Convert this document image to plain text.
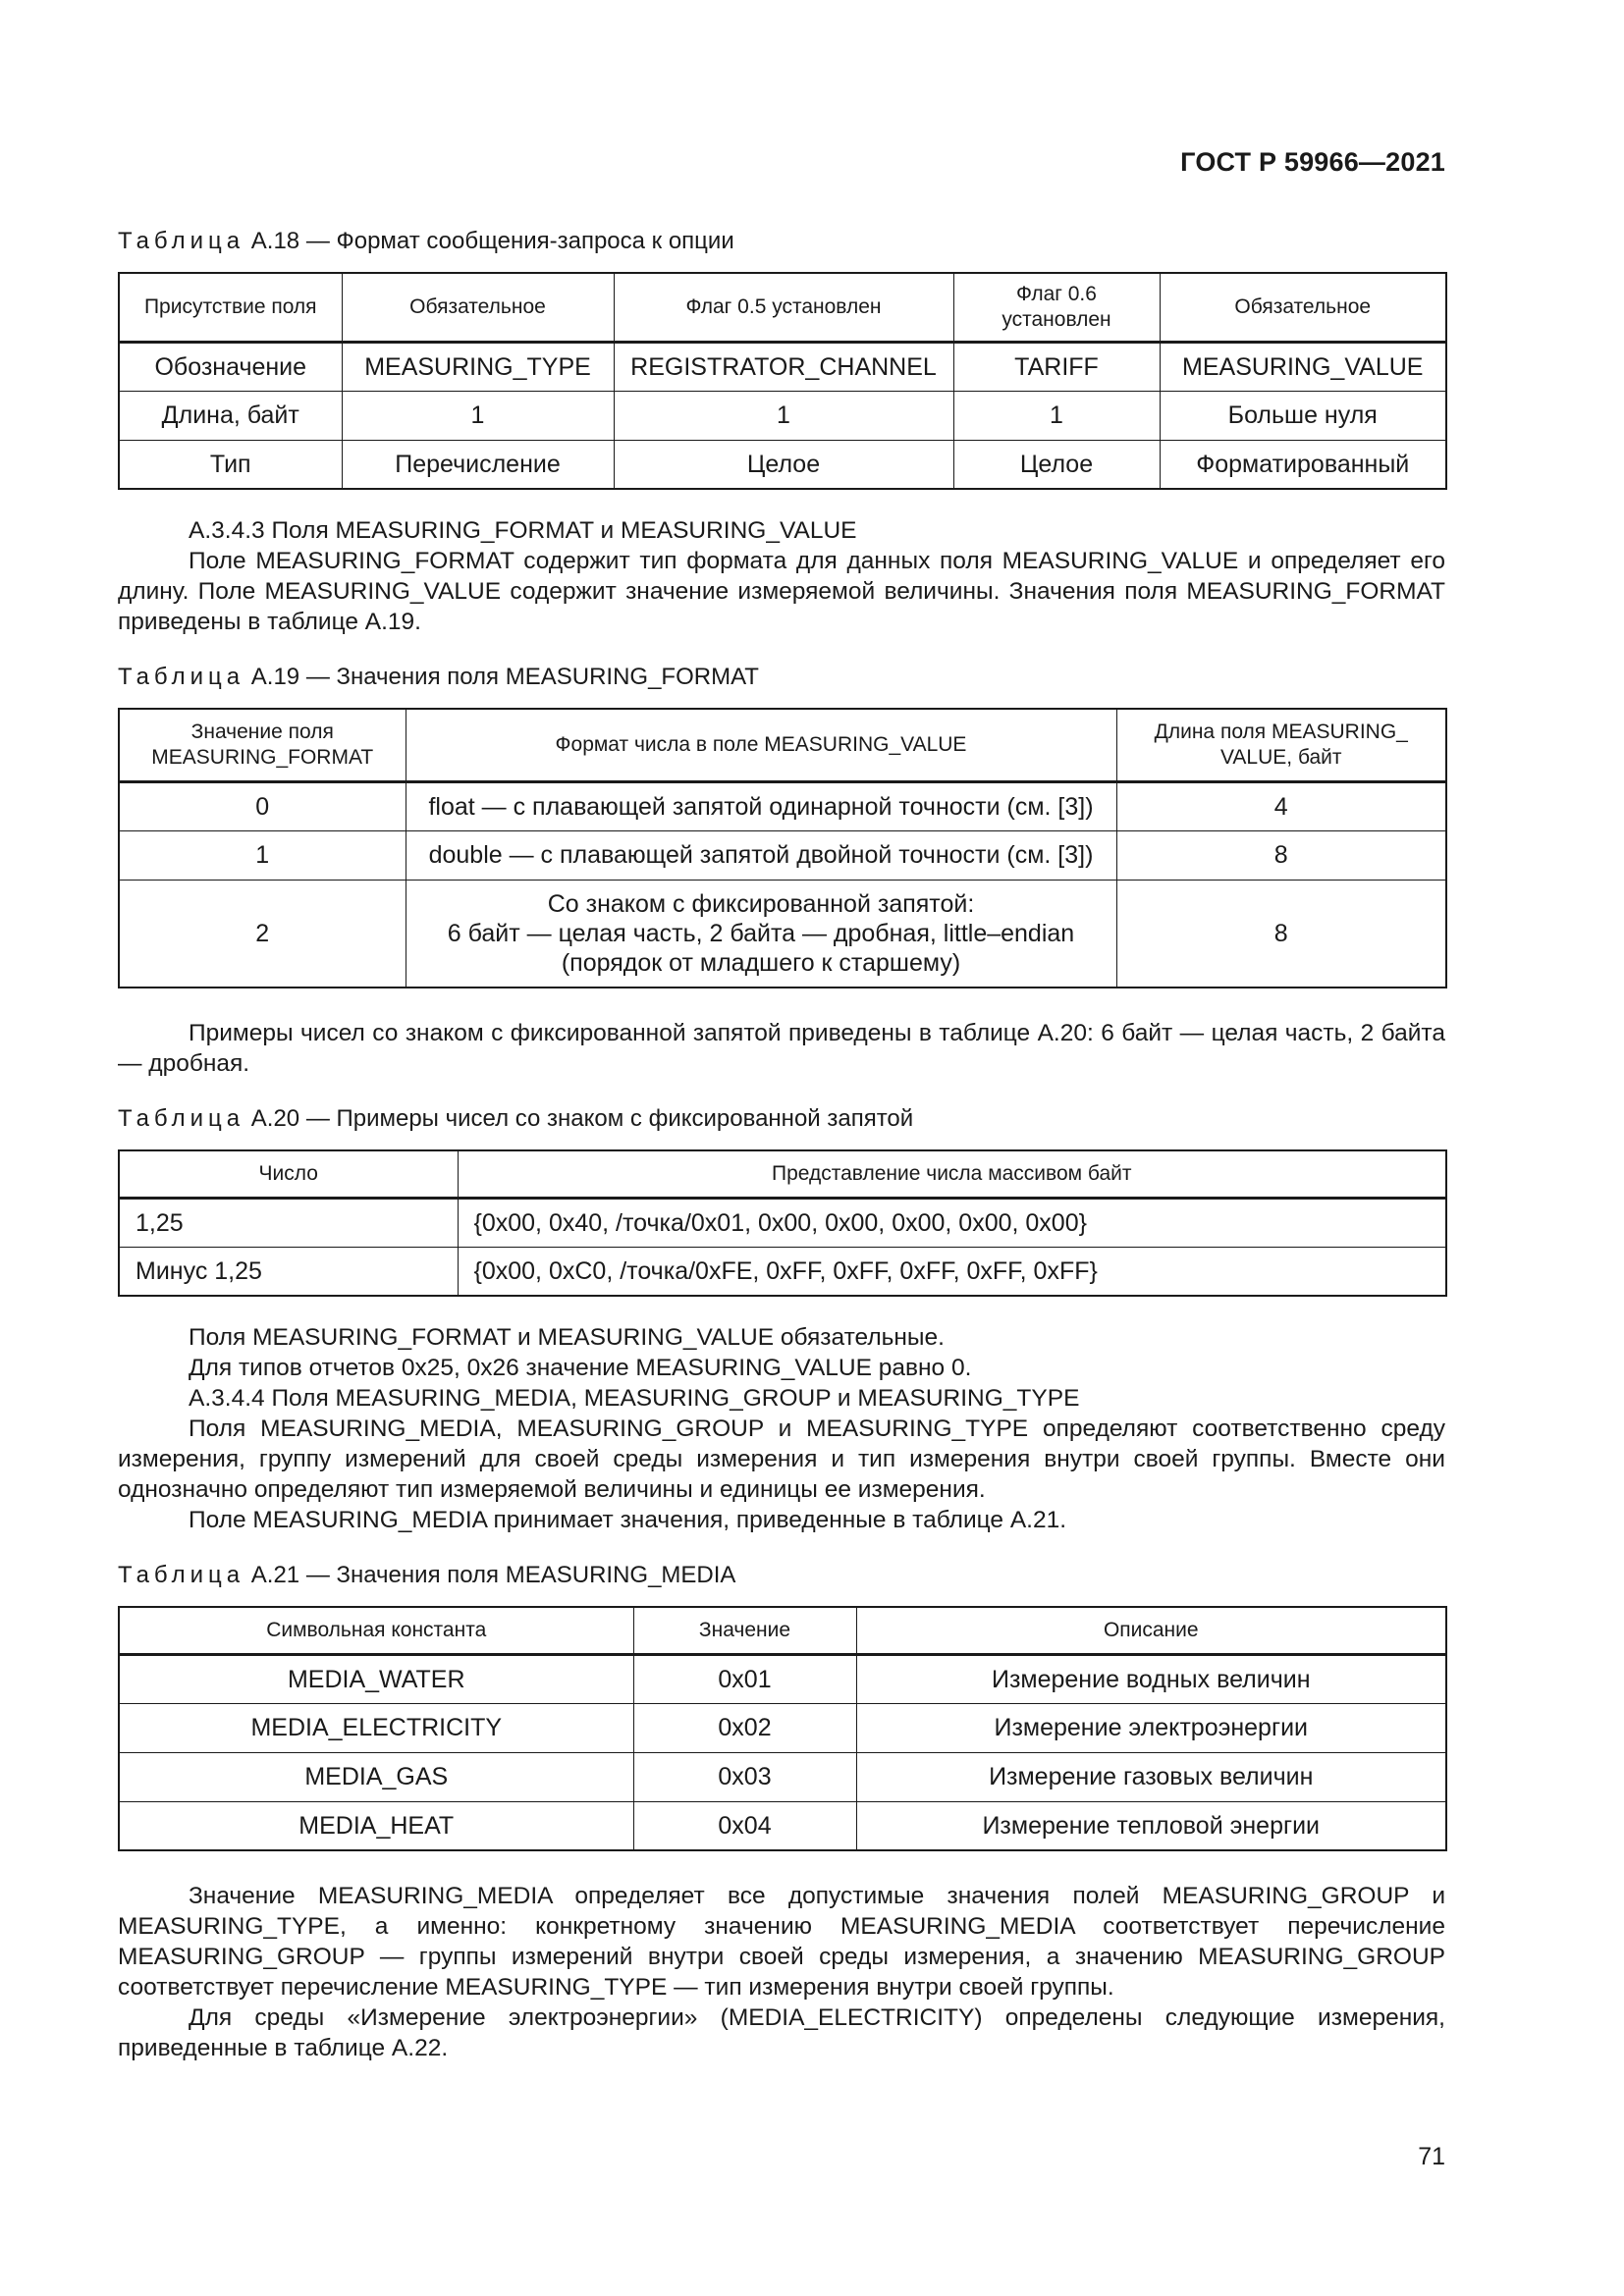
ГОСТ Р 59966—2021
Таблица А.18 — Формат сообщения-запроса к опции
Присутствие поля	Обязательное	Флаг 0.5 установлен	Флаг 0.6 установлен	Обязательное
Обозначение	MEASURING_TYPE	REGISTRATOR_CHANNEL	TARIFF	MEASURING_VALUE
Длина, байт	1	1	1	Больше нуля
Тип	Перечисление	Целое	Целое	Форматированный

А.3.4.3 Поля MEASURING_FORMAT и MEASURING_VALUE

Поле MEASURING_FORMAT содержит тип формата для данных поля MEASURING_VALUE и определяет его длину. Поле MEASURING_VALUE содержит значение измеряемой величины. Значения поля MEASURING_FORMAT приведены в таблице А.19.

Таблица А.19 — Значения поля MEASURING_FORMAT
Значение поля MEASURING_FORMAT	Формат числа в поле MEASURING_VALUE	Длина поля MEASURING_ VALUE, байт
0	float — с плавающей запятой одинарной точности (см. [3])	4
1	double — с плавающей запятой двойной точности (см. [3])	8
2	Со знаком с фиксированной запятой:
6 байт — целая часть, 2 байта — дробная, little–endian
(порядок от младшего к старшему)	8

Примеры чисел со знаком с фиксированной запятой приведены в таблице А.20: 6 байт — целая часть, 2 байта — дробная.

Таблица А.20 — Примеры чисел со знаком с фиксированной запятой
Число	Представление числа массивом байт
1,25	{0x00, 0x40, /точка/0x01, 0x00, 0x00, 0x00, 0x00, 0x00}
Минус 1,25	{0x00, 0xC0, /точка/0xFE, 0xFF, 0xFF, 0xFF, 0xFF, 0xFF}

Поля MEASURING_FORMAT и MEASURING_VALUE обязательные.

Для типов отчетов 0x25, 0x26 значение MEASURING_VALUE равно 0.

А.3.4.4 Поля MEASURING_MEDIA, MEASURING_GROUP и MEASURING_TYPE

Поля MEASURING_MEDIA, MEASURING_GROUP и MEASURING_TYPE определяют соответственно среду измерения, группу измерений для своей среды измерения и тип измерения внутри своей группы. Вместе они однозначно определяют тип измеряемой величины и единицы ее измерения.

Поле MEASURING_MEDIA принимает значения, приведенные в таблице А.21.

Таблица А.21 — Значения поля MEASURING_MEDIA
Символьная константа	Значение	Описание
MEDIA_WATER	0x01	Измерение водных величин
MEDIA_ELECTRICITY	0x02	Измерение электроэнергии
MEDIA_GAS	0x03	Измерение газовых величин
MEDIA_HEAT	0x04	Измерение тепловой энергии

Значение MEASURING_MEDIA определяет все допустимые значения полей MEASURING_GROUP и MEASURING_TYPE, а именно: конкретному значению MEASURING_MEDIA соответствует перечисление MEASURING_GROUP — группы измерений внутри своей среды измерения, а значению MEASURING_GROUP соответствует перечисление MEASURING_TYPE — тип измерения внутри своей группы.

Для среды «Измерение электроэнергии» (MEDIA_ELECTRICITY) определены следующие измерения, приведенные в таблице А.22.

71
